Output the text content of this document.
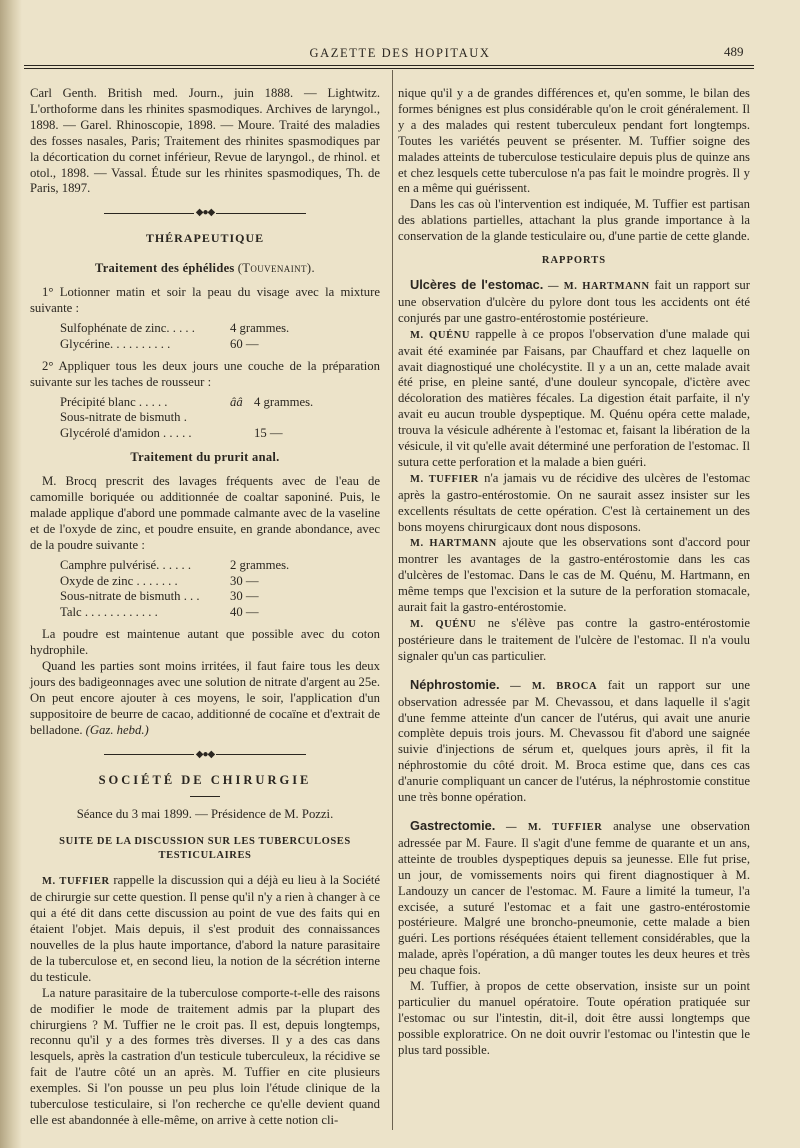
GAZETTE DES HOPITAUX	489

Carl Genth. British med. Journ., juin 1888. — Lightwitz. L'orthoforme dans les rhinites spasmodiques. Archives de laryngol., 1898. — Garel. Rhinoscopie, 1898. — Moure. Traité des maladies des fosses nasales, Paris; Traitement des rhinites spasmodiques par la décortication du cornet inférieur, Revue de laryngol., de rhinol. et otol., 1898. — Vassal. Étude sur les rhinites spasmodiques, Th. de Paris, 1897.

◆●◆
THÉRAPEUTIQUE
Traitement des éphélides (Touvenaint).

1° Lotionner matin et soir la peau du visage avec la mixture suivante :

Sulfophénate de zinc. . . . .	4 grammes.
Glycérine. . . . . . . . . .	60 —

2° Appliquer tous les deux jours une couche de la préparation suivante sur les taches de rousseur :

Précipité blanc . . . . .	ââ 4 grammes.
Sous-nitrate de bismuth .
Glycérolé d'amidon . . . . .	15 —
Traitement du prurit anal.

M. Brocq prescrit des lavages fréquents avec de l'eau de camomille boriquée ou additionnée de coaltar saponiné. Puis, le malade applique d'abord une pommade calmante avec de la vaseline et de l'oxyde de zinc, et poudre ensuite, en grande abondance, avec de la poudre suivante :

Camphre pulvérisé. . . . . .	2 grammes.
Oxyde de zinc . . . . . . .	30 —
Sous-nitrate de bismuth . . .	30 —
Talc . . . . . . . . . . . .	40 —

La poudre est maintenue autant que possible avec du coton hydrophile.

Quand les parties sont moins irritées, il faut faire tous les deux jours des badigeonnages avec une solution de nitrate d'argent au 25e. On peut encore ajouter à ces moyens, le soir, l'application d'un suppositoire de beurre de cacao, additionné de cocaïne et d'extrait de belladone. (Gaz. hebd.)

◆●◆
SOCIÉTÉ DE CHIRURGIE
Séance du 3 mai 1899. — Présidence de M. Pozzi.
SUITE DE LA DISCUSSION SUR LES TUBERCULOSES TESTICULAIRES

M. TUFFIER rappelle la discussion qui a déjà eu lieu à la Société de chirurgie sur cette question. Il pense qu'il n'y a rien à changer à ce qui a été dit dans cette discussion au point de vue des faits qui en étaient l'objet. Mais depuis, il s'est produit des connaissances nouvelles de la plus haute importance, d'abord la nature parasitaire de la tuberculose et, en second lieu, la notion de la sécrétion interne du testicule.

La nature parasitaire de la tuberculose comporte-t-elle des raisons de modifier le mode de traitement admis par la plupart des chirurgiens ? M. Tuffier ne le croit pas. Il est, depuis longtemps, reconnu qu'il y a des formes très diverses. Il y a des cas dans lesquels, après la castration d'un testicule tuberculeux, la récidive se fait de l'autre côté un an après. M. Tuffier en cite plusieurs exemples. Si l'on pousse un peu plus loin l'étude clinique de la tuberculose testiculaire, si l'on recherche ce qu'elle devient quand elle est abandonnée à elle-même, on arrive à cette notion cli-

nique qu'il y a de grandes différences et, qu'en somme, le bilan des formes bénignes est plus considérable qu'on le croit généralement. Il y a des malades qui restent tuberculeux pendant fort longtemps. Toutes les variétés peuvent se présenter. M. Tuffier soigne des malades atteints de tuberculose testiculaire depuis plus de quinze ans et chez lesquels cette tuberculose n'a pas fait le moindre progrès. Il y en a même qui guérissent.

Dans les cas où l'intervention est indiquée, M. Tuffier est partisan des ablations partielles, attachant la plus grande importance à la conservation de la glande testiculaire ou, d'une partie de cette glande.

RAPPORTS

Ulcères de l'estomac. — M. HARTMANN fait un rapport sur une observation d'ulcère du pylore dont tous les accidents ont été conjurés par une gastro-entérostomie postérieure.

M. QUÉNU rappelle à ce propos l'observation d'une malade qui avait été examinée par Faisans, par Chauffard et chez laquelle on avait diagnostiqué une cholécystite. Il y a un an, cette malade avait été prise, en pleine santé, d'une douleur syncopale, d'ictère avec décoloration des matières fécales. La digestion était parfaite, il n'y avait eu aucun trouble dyspeptique. M. Quénu opéra cette malade, trouva la vésicule adhérente à l'estomac et, faisant la libération de la vésicule, il vit qu'elle avait déterminé une perforation de l'estomac. Il sutura cette perforation et la malade a bien guéri.

M. TUFFIER n'a jamais vu de récidive des ulcères de l'estomac après la gastro-entérostomie. On ne saurait assez insister sur les excellents résultats de cette opération. C'est là certainement un des bons moyens chirurgicaux dont nous disposons.

M. HARTMANN ajoute que les observations sont d'accord pour montrer les avantages de la gastro-entérostomie dans les cas d'ulcères de l'estomac. Dans le cas de M. Quénu, M. Hartmann, en même temps que l'excision et la suture de la perforation stomacale, aurait fait la gastro-entérostomie.

M. QUÉNU ne s'élève pas contre la gastro-entérostomie postérieure dans le traitement de l'ulcère de l'estomac. Il n'a voulu signaler qu'un cas particulier.

Néphrostomie. — M. BROCA fait un rapport sur une observation adressée par M. Chevassou, et dans laquelle il s'agit d'une femme atteinte d'un cancer de l'utérus, qui avait une anurie complète depuis trois jours. M. Chevassou fit d'abord une saignée suivie d'injections de sérum et, quelques jours après, il fit la néphrostomie du côté droit. M. Broca estime que, dans ces cas d'anurie compliquant un cancer de l'utérus, la néphrostomie constitue une très bonne opération.

Gastrectomie. — M. TUFFIER analyse une observation adressée par M. Faure. Il s'agit d'une femme de quarante et un ans, atteinte de troubles dyspeptiques depuis sa jeunesse. Elle fut prise, un jour, de vomissements noirs qui firent diagnostiquer à M. Landouzy un cancer de l'estomac. M. Faure a limité la tumeur, l'a excisée, a suturé l'estomac et a fait une gastro-entérostomie postérieure. Malgré une broncho-pneumonie, cette malade a bien guéri. Les portions réséquées étaient tellement considérables, que la malade, après l'opération, a dû manger toutes les deux heures et très peu chaque fois.

M. Tuffier, à propos de cette observation, insiste sur un point particulier du manuel opératoire. Toute opération pratiquée sur l'estomac ou sur l'intestin, dit-il, doit être aussi longtemps que possible exploratrice. On ne doit ouvrir l'estomac ou l'intestin que le plus tard possible.
